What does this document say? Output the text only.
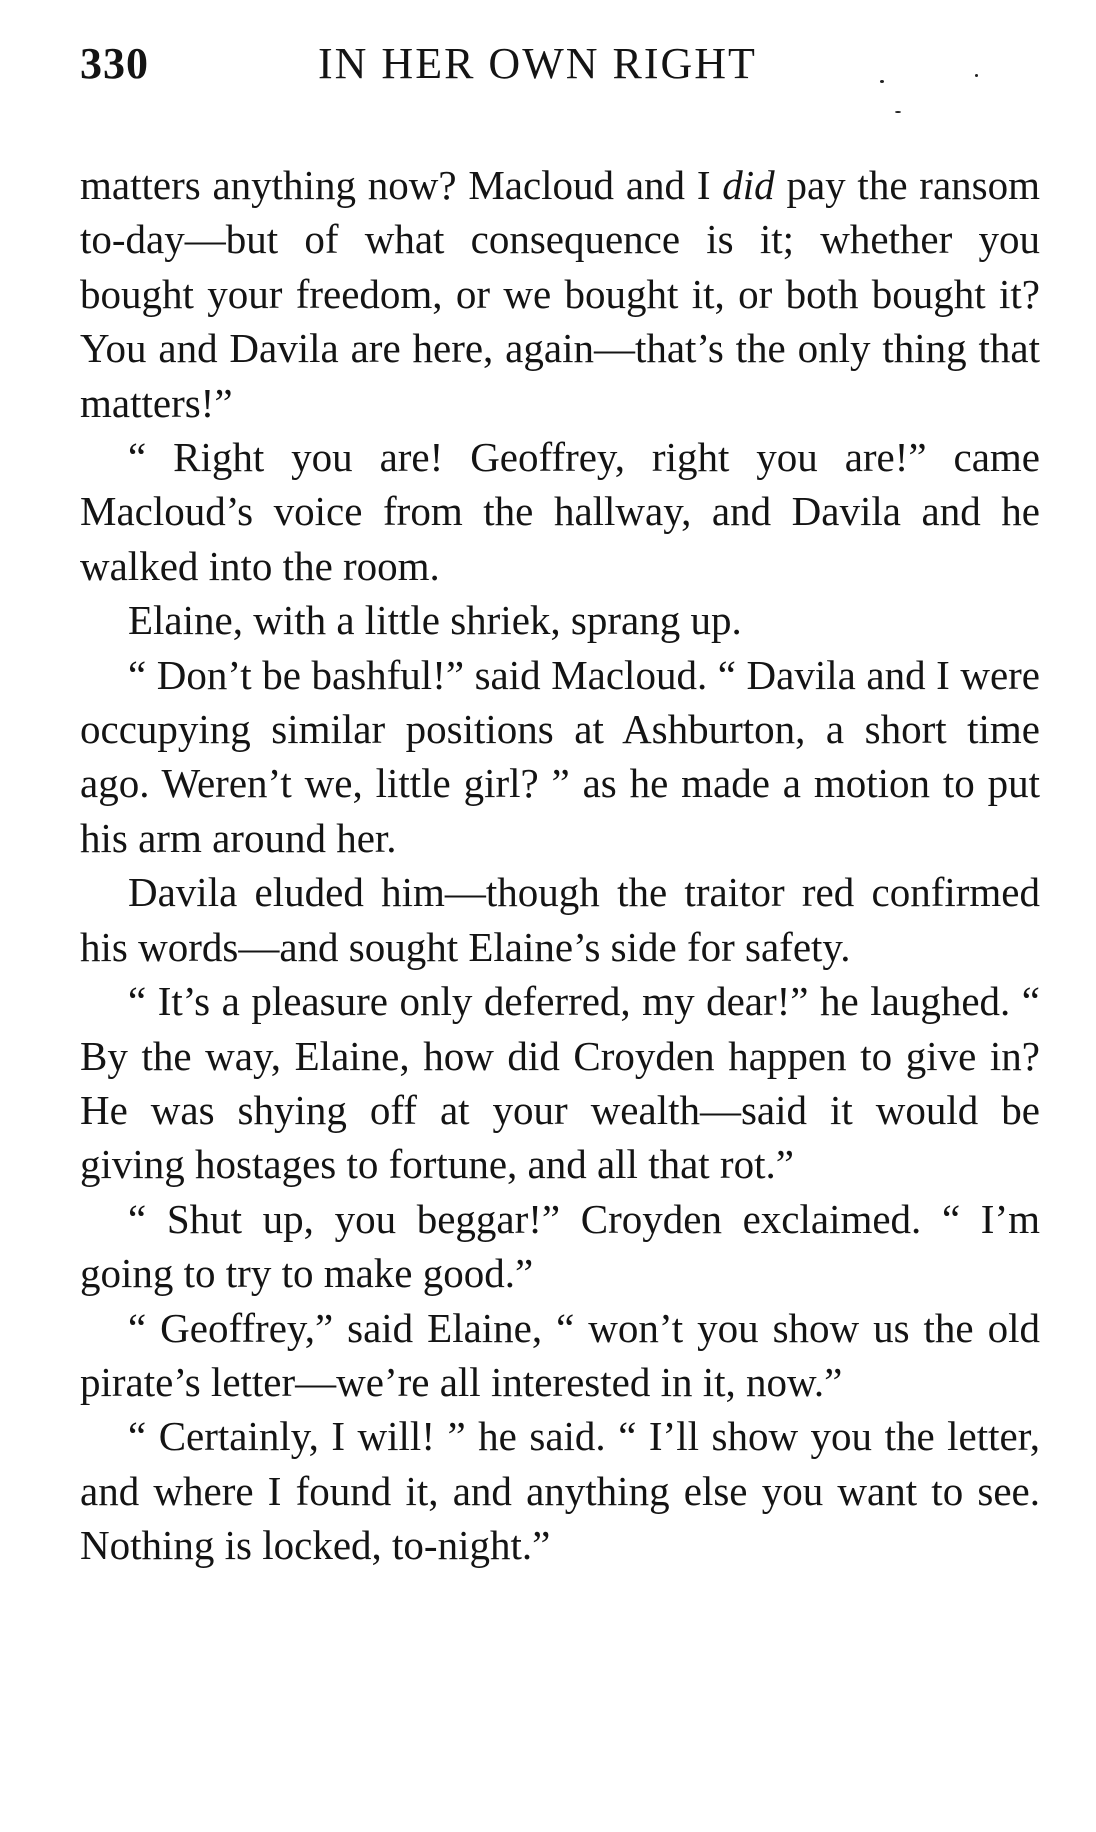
330	IN HER OWN RIGHT

matters anything now? Macloud and I did pay the ransom to-day—but of what consequence is it; whether you bought your freedom, or we bought it, or both bought it? You and Davila are here, again—that’s the only thing that matters!”

“ Right you are! Geoffrey, right you are!” came Macloud’s voice from the hallway, and Davila and he walked into the room.

Elaine, with a little shriek, sprang up.

“ Don’t be bashful!” said Macloud. “ Davila and I were occupying similar positions at Ashburton, a short time ago. Weren’t we, little girl? ” as he made a motion to put his arm around her.

Davila eluded him—though the traitor red confirmed his words—and sought Elaine’s side for safety.

“ It’s a pleasure only deferred, my dear!” he laughed. “ By the way, Elaine, how did Croyden happen to give in? He was shying off at your wealth—said it would be giving hostages to fortune, and all that rot.”

“ Shut up, you beggar!” Croyden exclaimed. “ I’m going to try to make good.”

“ Geoffrey,” said Elaine, “ won’t you show us the old pirate’s letter—we’re all interested in it, now.”

“ Certainly, I will! ” he said. “ I’ll show you the letter, and where I found it, and anything else you want to see. Nothing is locked, to-night.”
